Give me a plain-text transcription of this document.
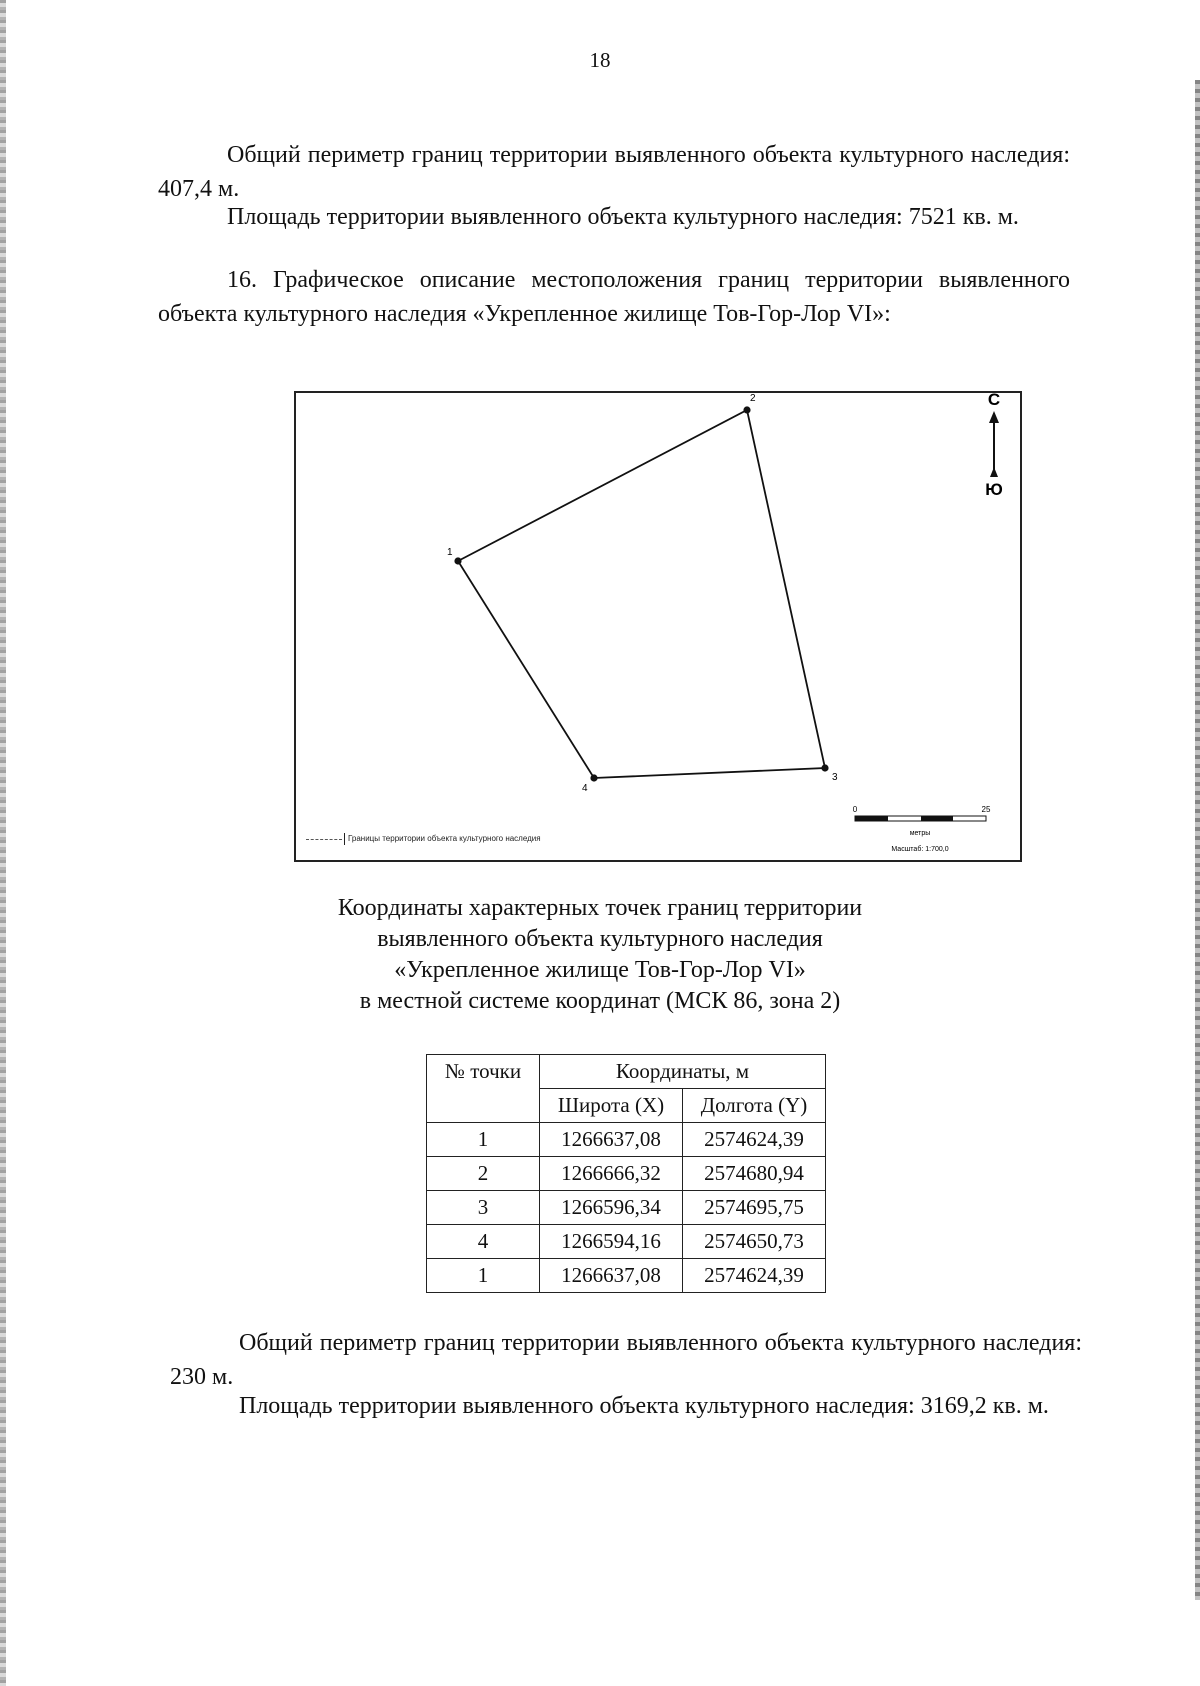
18

Общий периметр границ территории выявленного объекта культурного наследия: 407,4 м.

Площадь территории выявленного объекта культурного наследия: 7521 кв. м.

16. Графическое описание местоположения границ территории выявленного объекта культурного наследия «Укрепленное жилище Тов-Гор-Лор VI»:

1
2
3
4
С
Ю
0	25
метры
Масштаб: 1:700,0
Границы территории объекта культурного наследия
Координаты характерных точек границ территории
выявленного объекта культурного наследия
«Укрепленное жилище Тов-Гор-Лор VI»
в местной системе координат (МСК 86, зона 2)
№ точки	Координаты, м	
	Широта (X)	Долгота (Y)
1	1266637,08	2574624,39
2	1266666,32	2574680,94
3	1266596,34	2574695,75
4	1266594,16	2574650,73
1	1266637,08	2574624,39

Общий периметр границ территории выявленного объекта культурного наследия: 230 м.

Площадь территории выявленного объекта культурного наследия: 3169,2 кв. м.
